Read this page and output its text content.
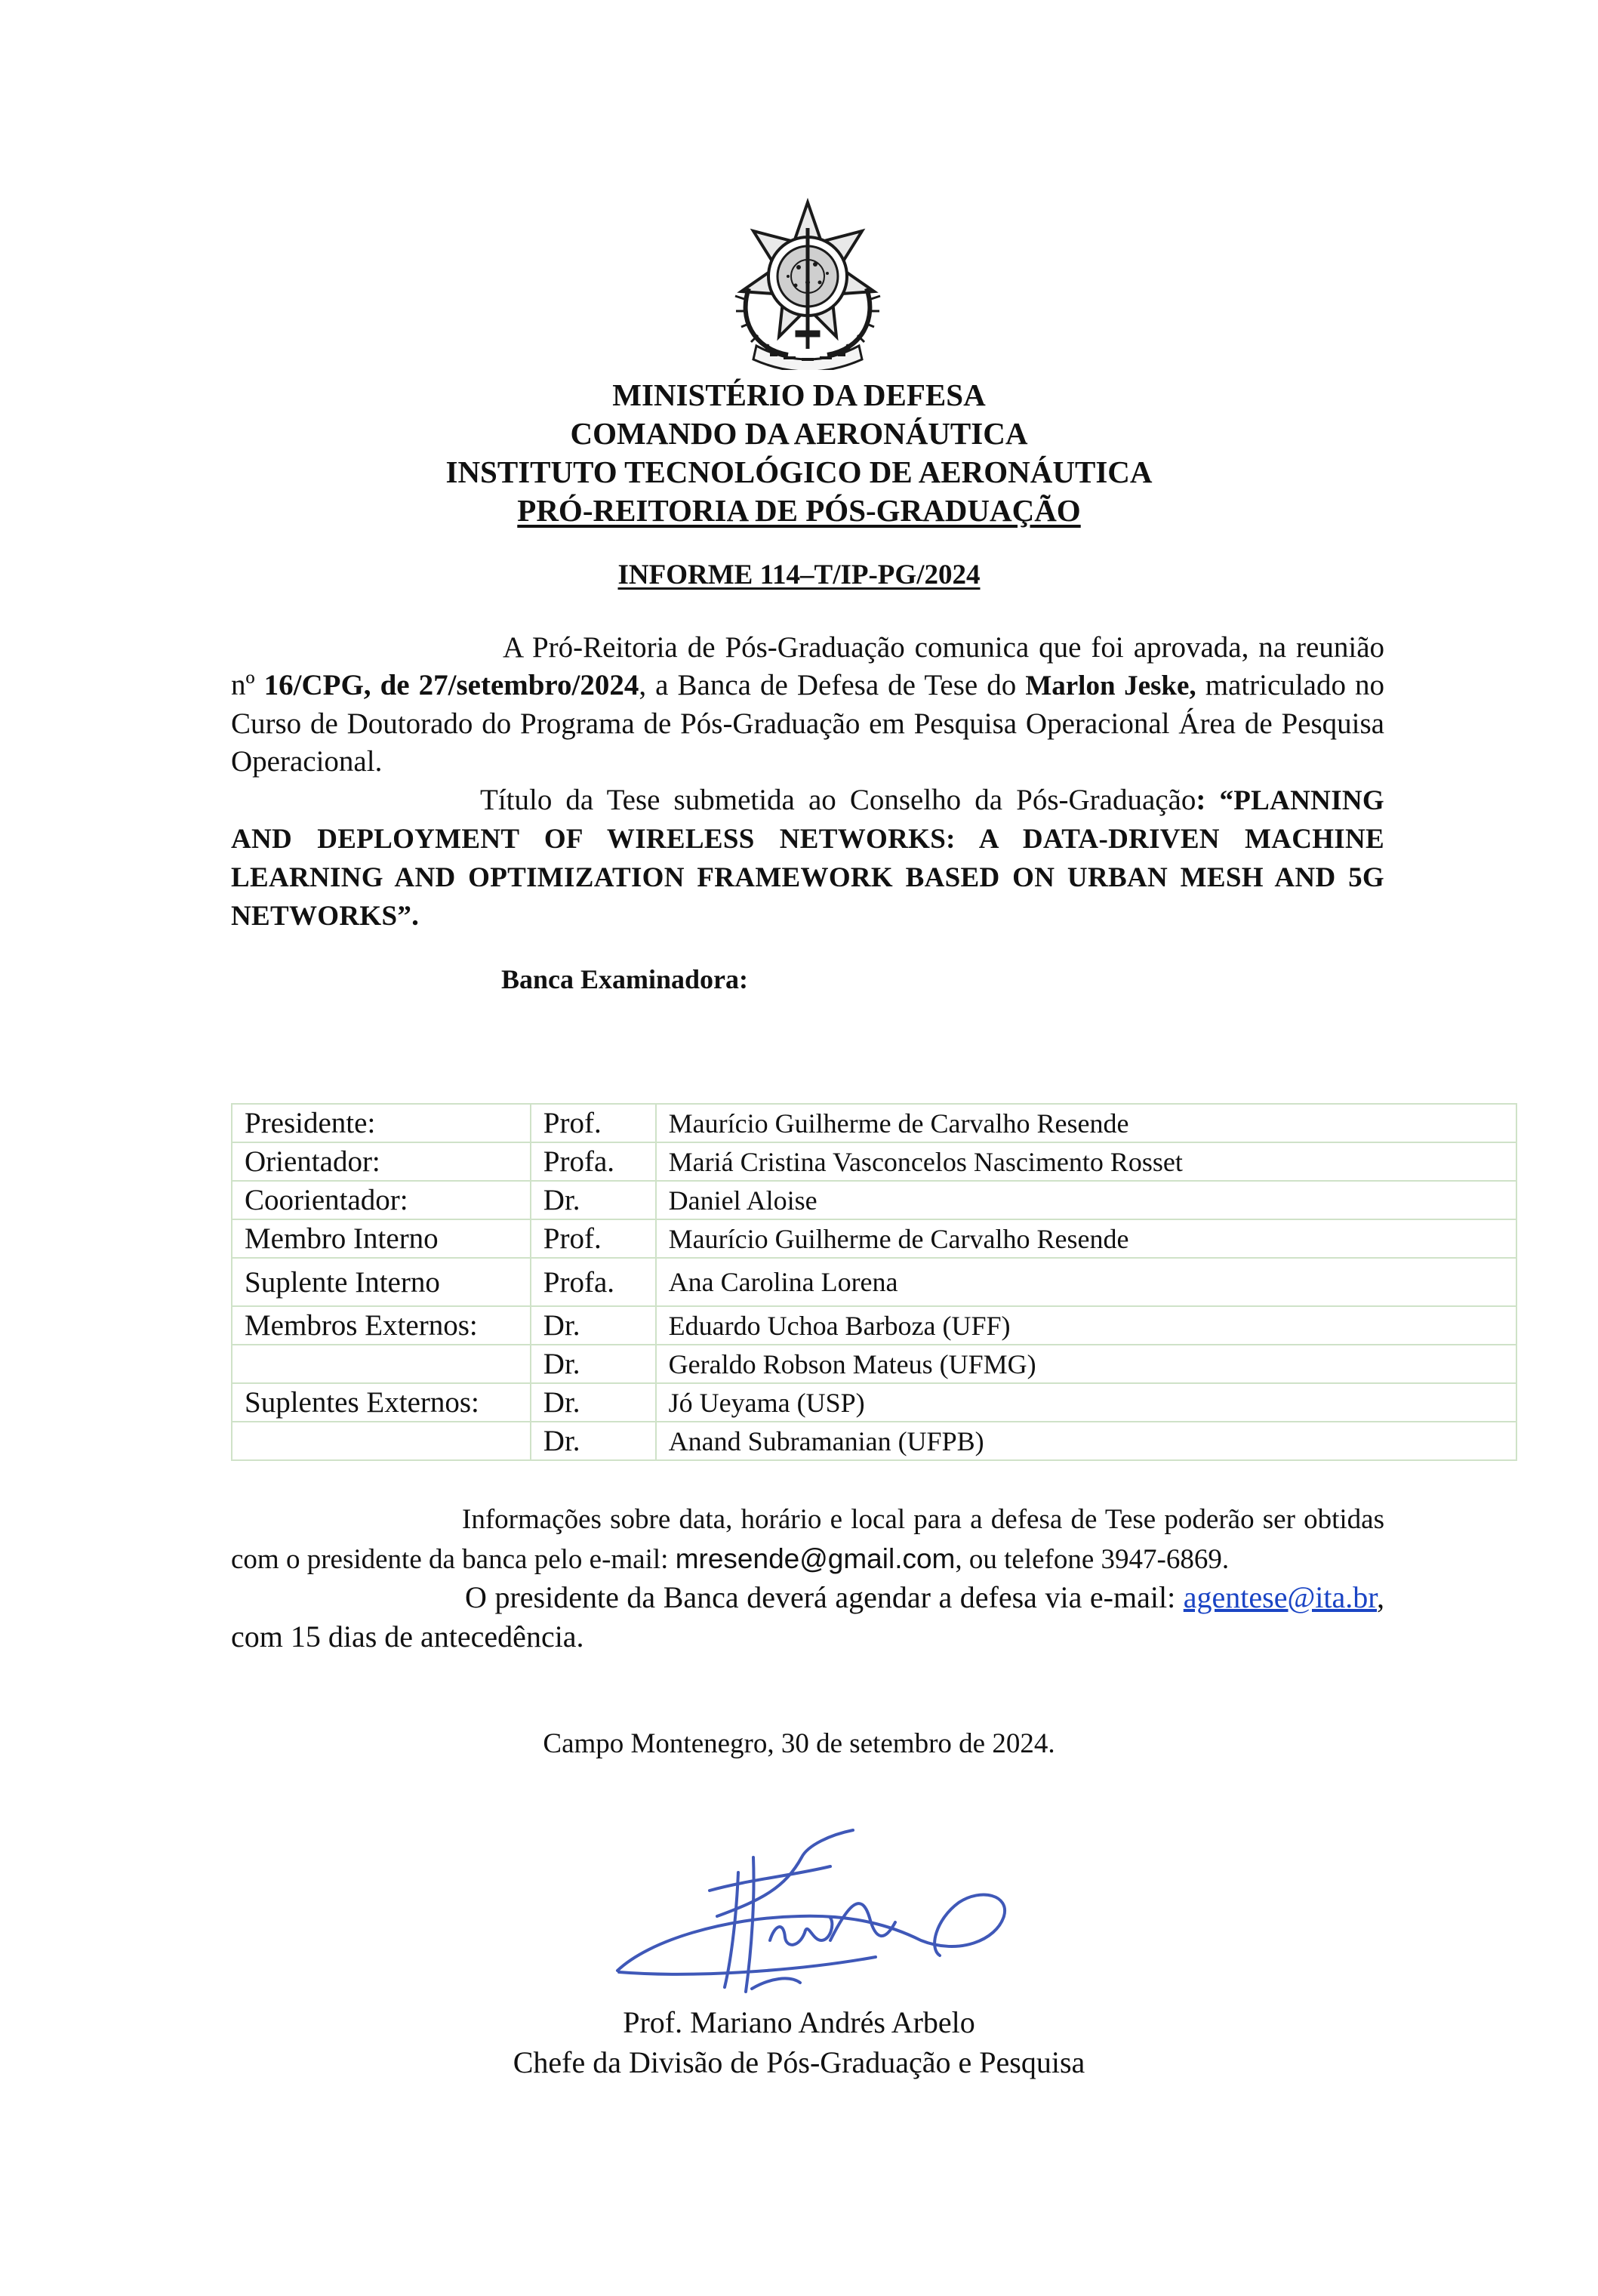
MINISTÉRIO DA DEFESA
COMANDO DA AERONÁUTICA
INSTITUTO TECNOLÓGICO DE AERONÁUTICA
PRÓ-REITORIA DE PÓS-GRADUAÇÃO
INFORME 114–T/IP-PG/2024
A Pró-Reitoria de Pós-Graduação comunica que foi aprovada, na reunião nº 16/CPG, de 27/setembro/2024, a Banca de Defesa de Tese do Marlon Jeske, matriculado no Curso de Doutorado do Programa de Pós-Graduação em Pesquisa Operacional Área de Pesquisa Operacional.
Título da Tese submetida ao Conselho da Pós-Graduação: “PLANNING AND DEPLOYMENT OF WIRELESS NETWORKS: A DATA-DRIVEN MACHINE LEARNING AND OPTIMIZATION FRAMEWORK BASED ON URBAN MESH AND 5G NETWORKS”.
Banca Examinadora:
Presidente:	Prof.	Maurício Guilherme de Carvalho Resende
Orientador:	Profa.	Mariá Cristina Vasconcelos Nascimento Rosset
Coorientador:	Dr.	Daniel Aloise
Membro Interno	Prof.	Maurício Guilherme de Carvalho Resende
Suplente Interno	Profa.	Ana Carolina Lorena
Membros Externos:	Dr.	Eduardo Uchoa Barboza (UFF)
	Dr.	Geraldo Robson Mateus (UFMG)
Suplentes Externos:	Dr.	Jó Ueyama (USP)
	Dr.	Anand Subramanian (UFPB)
Informações sobre data, horário e local para a defesa de Tese poderão ser obtidas com o presidente da banca pelo e-mail: mresende@gmail.com, ou telefone 3947-6869.
O presidente da Banca deverá agendar a defesa via e-mail: agentese@ita.br, com 15 dias de antecedência.
Campo Montenegro, 30 de setembro de 2024.
Prof. Mariano Andrés Arbelo
Chefe da Divisão de Pós-Graduação e Pesquisa
